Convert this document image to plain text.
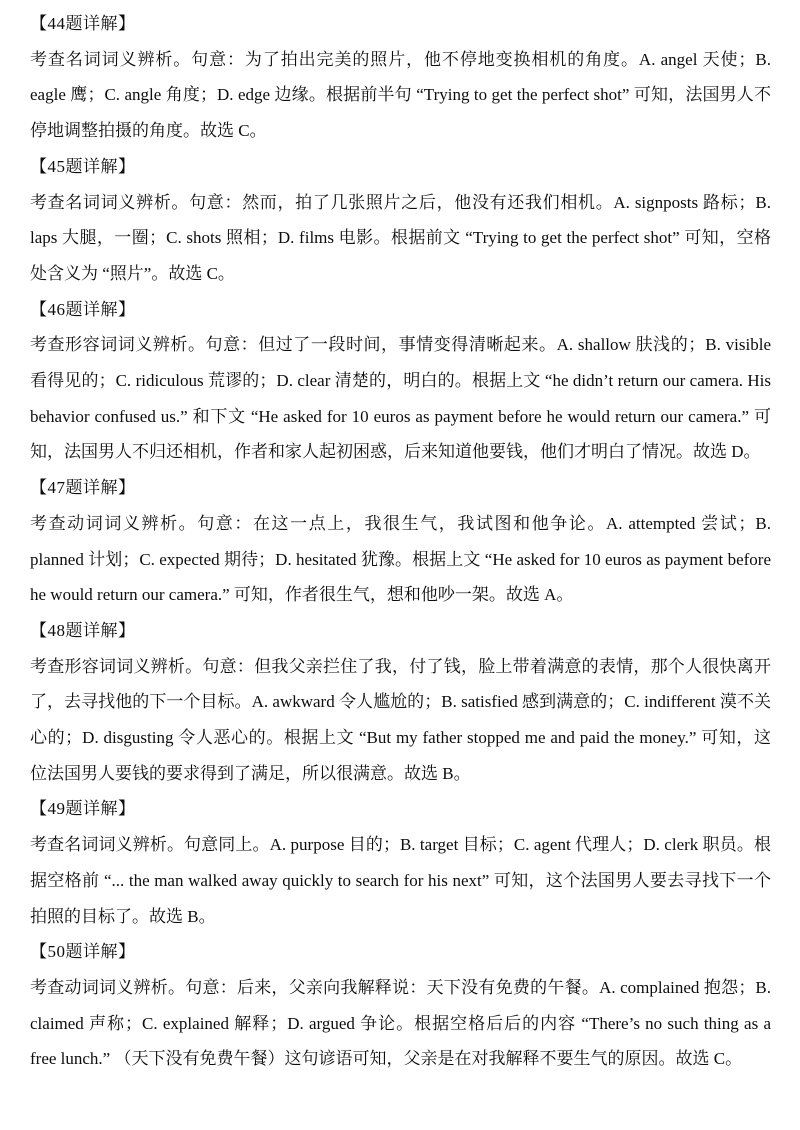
【44题详解】

考查名词词义辨析。句意：为了拍出完美的照片，他不停地变换相机的角度。A. angel 天使；B. eagle 鹰；C. angle 角度；D. edge 边缘。根据前半句 “Trying to get the perfect shot” 可知，法国男人不停地调整拍摄的角度。故选 C。

【45题详解】

考查名词词义辨析。句意：然而，拍了几张照片之后，他没有还我们相机。A. signposts 路标；B. laps 大腿，一圈；C. shots 照相；D. films 电影。根据前文 “Trying to get the perfect shot” 可知，空格处含义为 “照片”。故选 C。

【46题详解】

考查形容词词义辨析。句意：但过了一段时间，事情变得清晰起来。A. shallow 肤浅的；B. visible 看得见的；C. ridiculous 荒谬的；D. clear 清楚的，明白的。根据上文 “he didn’t return our camera. His behavior confused us.” 和下文 “He asked for 10 euros as payment before he would return our camera.” 可知，法国男人不归还相机，作者和家人起初困惑，后来知道他要钱，他们才明白了情况。故选 D。

【47题详解】

考查动词词义辨析。句意：在这一点上，我很生气，我试图和他争论。A. attempted 尝试；B. planned 计划；C. expected 期待；D. hesitated 犹豫。根据上文 “He asked for 10 euros as payment before he would return our camera.” 可知，作者很生气，想和他吵一架。故选 A。

【48题详解】

考查形容词词义辨析。句意：但我父亲拦住了我，付了钱，脸上带着满意的表情，那个人很快离开了，去寻找他的下一个目标。A. awkward 令人尴尬的；B. satisfied 感到满意的；C. indifferent 漠不关心的；D. disgusting 令人恶心的。根据上文 “But my father stopped me and paid the money.” 可知，这位法国男人要钱的要求得到了满足，所以很满意。故选 B。

【49题详解】

考查名词词义辨析。句意同上。A. purpose 目的；B. target 目标；C. agent 代理人；D. clerk 职员。根据空格前 “... the man walked away quickly to search for his next” 可知，这个法国男人要去寻找下一个拍照的目标了。故选 B。

【50题详解】

考查动词词义辨析。句意：后来，父亲向我解释说：天下没有免费的午餐。A. complained 抱怨；B. claimed 声称；C. explained 解释；D. argued 争论。根据空格后后的内容 “There’s no such thing as a free lunch.” （天下没有免费午餐）这句谚语可知，父亲是在对我解释不要生气的原因。故选 C。
